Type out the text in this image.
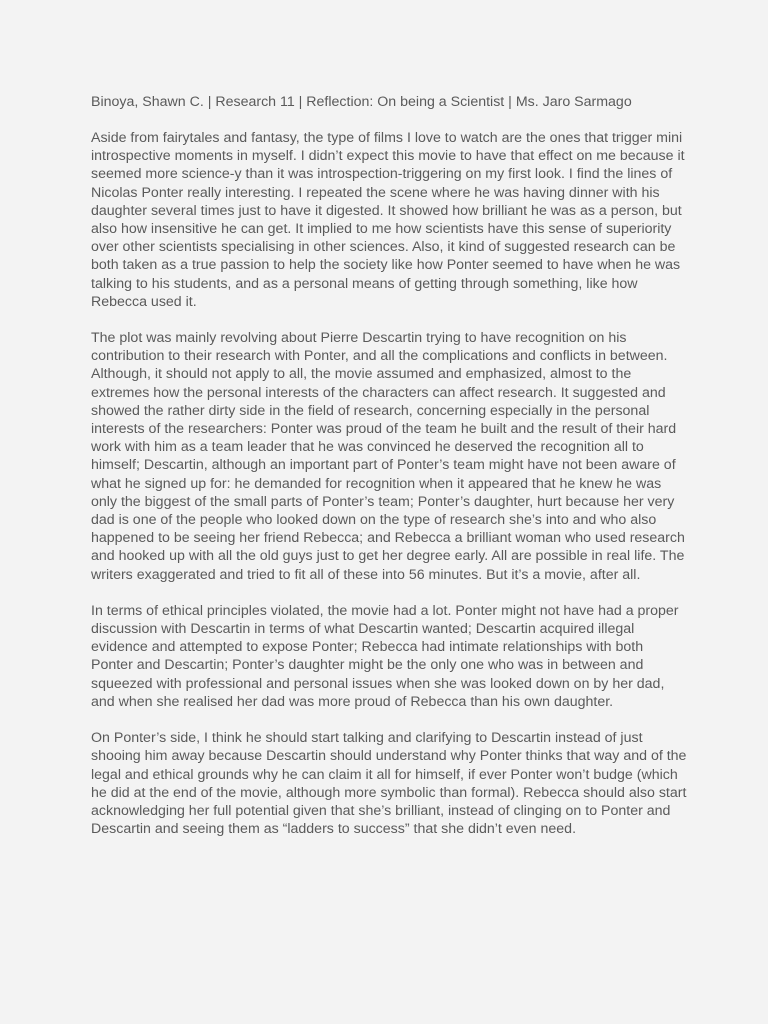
Binoya, Shawn C. | Research 11 | Reflection: On being a Scientist | Ms. Jaro Sarmago

Aside from fairytales and fantasy, the type of films I love to watch are the ones that trigger mini introspective moments in myself. I didn’t expect this movie to have that effect on me because it seemed more science-y than it was introspection-triggering on my first look. I find the lines of Nicolas Ponter really interesting. I repeated the scene where he was having dinner with his daughter several times just to have it digested. It showed how brilliant he was as a person, but also how insensitive he can get. It implied to me how scientists have this sense of superiority over other scientists specialising in other sciences. Also, it kind of suggested research can be both taken as a true passion to help the society like how Ponter seemed to have when he was talking to his students, and as a personal means of getting through something, like how Rebecca used it.

The plot was mainly revolving about Pierre Descartin trying to have recognition on his contribution to their research with Ponter, and all the complications and conflicts in between. Although, it should not apply to all, the movie assumed and emphasized, almost to the extremes how the personal interests of the characters can affect research. It suggested and showed the rather dirty side in the field of research, concerning especially in the personal interests of the researchers: Ponter was proud of the team he built and the result of their hard work with him as a team leader that he was convinced he deserved the recognition all to himself; Descartin, although an important part of Ponter’s team might have not been aware of what he signed up for: he demanded for recognition when it appeared that he knew he was only the biggest of the small parts of Ponter’s team; Ponter’s daughter, hurt because her very dad is one of the people who looked down on the type of research she’s into and who also happened to be seeing her friend Rebecca; and Rebecca a brilliant woman who used research and hooked up with all the old guys just to get her degree early. All are possible in real life. The writers exaggerated and tried to fit all of these into 56 minutes. But it’s a movie, after all.

In terms of ethical principles violated, the movie had a lot. Ponter might not have had a proper discussion with Descartin in terms of what Descartin wanted; Descartin acquired illegal evidence and attempted to expose Ponter; Rebecca had intimate relationships with both Ponter and Descartin; Ponter’s daughter might be the only one who was in between and squeezed with professional and personal issues when she was looked down on by her dad, and when she realised her dad was more proud of Rebecca than his own daughter.

On Ponter’s side, I think he should start talking and clarifying to Descartin instead of just shooing him away because Descartin should understand why Ponter thinks that way and of the legal and ethical grounds why he can claim it all for himself, if ever Ponter won’t budge (which he did at the end of the movie, although more symbolic than formal). Rebecca should also start acknowledging her full potential given that she’s brilliant, instead of clinging on to Ponter and Descartin and seeing them as “ladders to success” that she didn’t even need.
